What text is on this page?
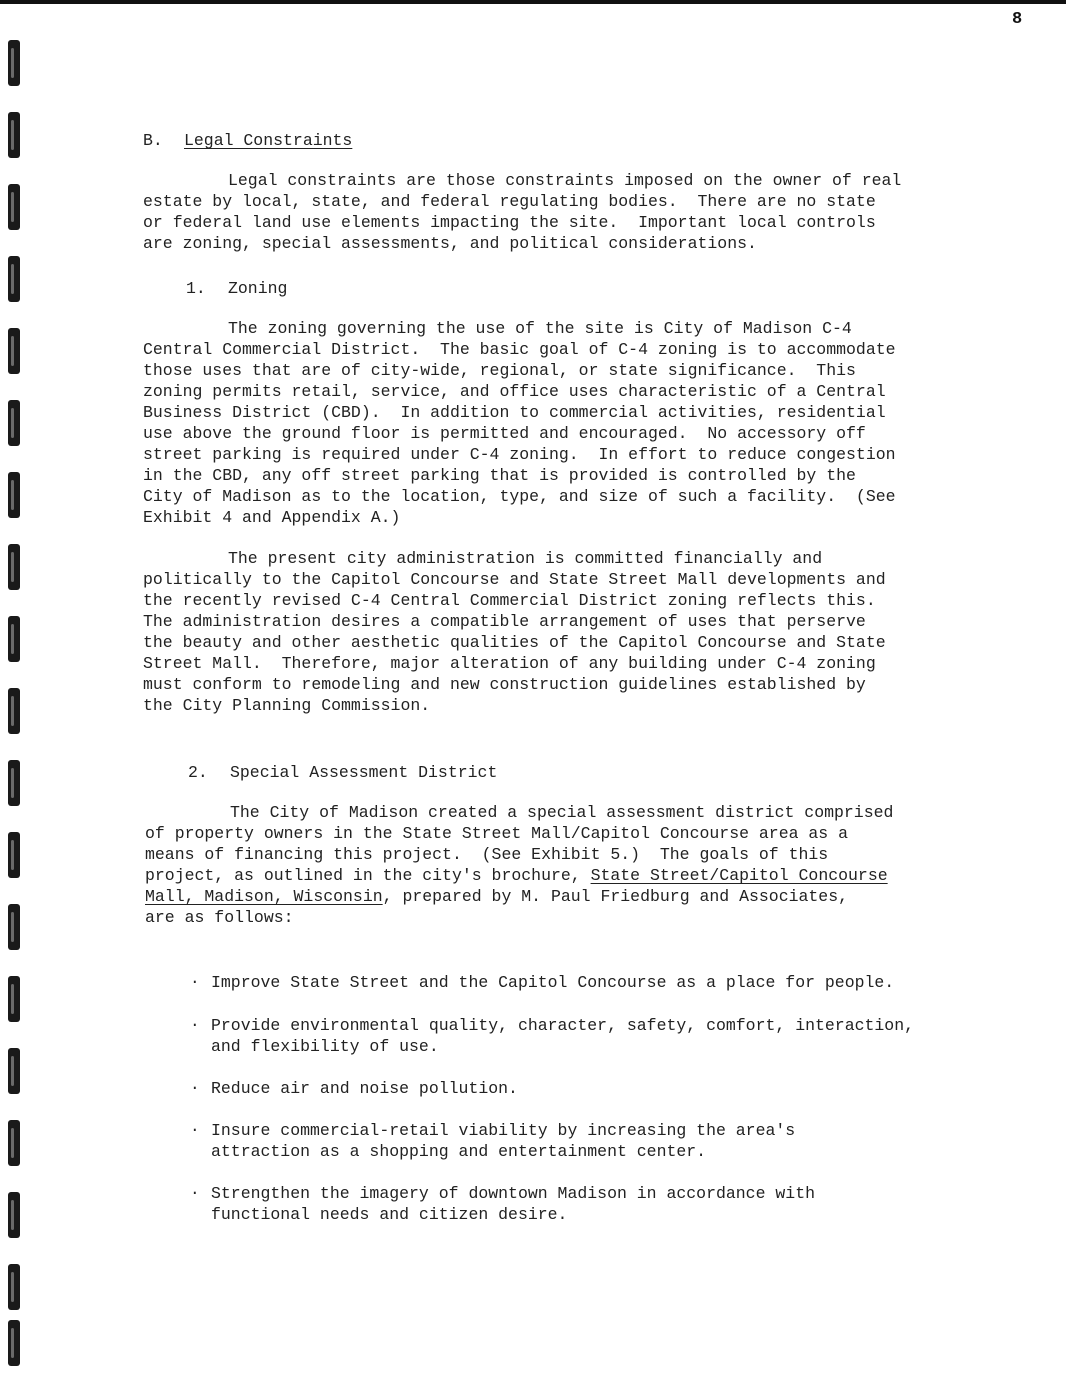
8
B. Legal Constraints
Legal constraints are those constraints imposed on the owner of real
estate by local, state, and federal regulating bodies.  There are no state
or federal land use elements impacting the site.  Important local controls
are zoning, special assessments, and political considerations.
1. Zoning
The zoning governing the use of the site is City of Madison C-4
Central Commercial District.  The basic goal of C-4 zoning is to accommodate
those uses that are of city-wide, regional, or state significance.  This
zoning permits retail, service, and office uses characteristic of a Central
Business District (CBD).  In addition to commercial activities, residential
use above the ground floor is permitted and encouraged.  No accessory off
street parking is required under C-4 zoning.  In effort to reduce congestion
in the CBD, any off street parking that is provided is controlled by the
City of Madison as to the location, type, and size of such a facility.  (See
Exhibit 4 and Appendix A.)
The present city administration is committed financially and
politically to the Capitol Concourse and State Street Mall developments and
the recently revised C-4 Central Commercial District zoning reflects this.
The administration desires a compatible arrangement of uses that perserve
the beauty and other aesthetic qualities of the Capitol Concourse and State
Street Mall.  Therefore, major alteration of any building under C-4 zoning
must conform to remodeling and new construction guidelines established by
the City Planning Commission.
2. Special Assessment District
The City of Madison created a special assessment district comprised
of property owners in the State Street Mall/Capitol Concourse area as a
means of financing this project.  (See Exhibit 5.)  The goals of this
project, as outlined in the city's brochure, State Street/Capitol Concourse
Mall, Madison, Wisconsin, prepared by M. Paul Friedburg and Associates,
are as follows:
· Improve State Street and the Capitol Concourse as a place for people.
· Provide environmental quality, character, safety, comfort, interaction,
and flexibility of use.
· Reduce air and noise pollution.
· Insure commercial-retail viability by increasing the area's
attraction as a shopping and entertainment center.
· Strengthen the imagery of downtown Madison in accordance with
functional needs and citizen desire.
